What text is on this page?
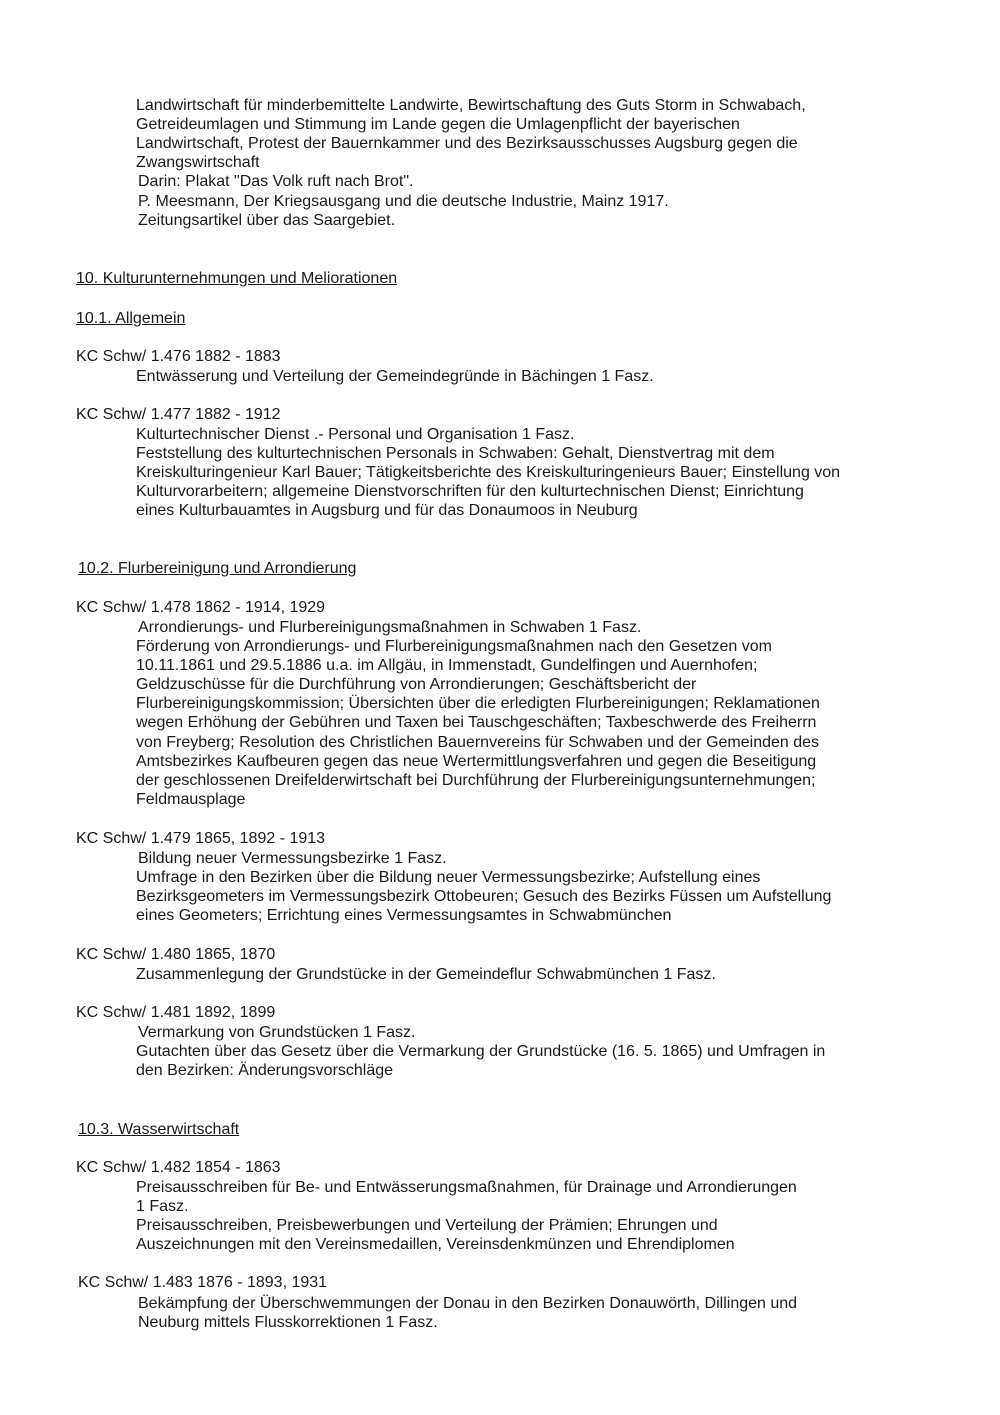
Landwirtschaft für minderbemittelte Landwirte, Bewirtschaftung des Guts Storm in Schwabach,
Getreideumlagen und Stimmung im Lande gegen die Umlagenpflicht der bayerischen
Landwirtschaft, Protest der Bauernkammer und des Bezirksausschusses Augsburg gegen die
Zwangswirtschaft
Darin: Plakat "Das Volk ruft nach Brot".
P. Meesmann, Der Kriegsausgang und die deutsche Industrie, Mainz 1917.
Zeitungsartikel über das Saargebiet.
10. Kulturunternehmungen und Meliorationen
10.1. Allgemein
KC Schw/ 1.476 1882 - 1883
Entwässerung und Verteilung der Gemeindegründe in Bächingen 1 Fasz.
KC Schw/ 1.477 1882 - 1912
Kulturtechnischer Dienst .- Personal und Organisation 1 Fasz.
Feststellung des kulturtechnischen Personals in Schwaben: Gehalt, Dienstvertrag mit dem
Kreiskulturingenieur Karl Bauer; Tätigkeitsberichte des Kreiskulturingenieurs Bauer; Einstellung von
Kulturvorarbeitern; allgemeine Dienstvorschriften für den kulturtechnischen Dienst; Einrichtung
eines Kulturbauamtes in Augsburg und für das Donaumoos in Neuburg
10.2. Flurbereinigung und Arrondierung
KC Schw/ 1.478 1862 - 1914, 1929
Arrondierungs- und Flurbereinigungsmaßnahmen in Schwaben 1 Fasz.
Förderung von Arrondierungs- und Flurbereinigungsmaßnahmen nach den Gesetzen vom
10.11.1861 und 29.5.1886 u.a. im Allgäu, in Immenstadt, Gundelfingen und Auernhofen;
Geldzuschüsse für die Durchführung von Arrondierungen; Geschäftsbericht der
Flurbereinigungskommission; Übersichten über die erledigten Flurbereinigungen; Reklamationen
wegen Erhöhung der Gebühren und Taxen bei Tauschgeschäften; Taxbeschwerde des Freiherrn
von Freyberg; Resolution des Christlichen Bauernvereins für Schwaben und der Gemeinden des
Amtsbezirkes Kaufbeuren gegen das neue Wertermittlungsverfahren und gegen die Beseitigung
der geschlossenen Dreifelderwirtschaft bei Durchführung der Flurbereinigungsunternehmungen;
Feldmausplage
KC Schw/ 1.479 1865, 1892 - 1913
Bildung neuer Vermessungsbezirke 1 Fasz.
Umfrage in den Bezirken über die Bildung neuer Vermessungsbezirke; Aufstellung eines
Bezirksgeometers im Vermessungsbezirk Ottobeuren; Gesuch des Bezirks Füssen um Aufstellung
eines Geometers; Errichtung eines Vermessungsamtes in Schwabmünchen
KC Schw/ 1.480 1865, 1870
Zusammenlegung der Grundstücke in der Gemeindeflur Schwabmünchen 1 Fasz.
KC Schw/ 1.481 1892, 1899
Vermarkung von Grundstücken 1 Fasz.
Gutachten über das Gesetz über die Vermarkung der Grundstücke (16. 5. 1865) und Umfragen in
den Bezirken: Änderungsvorschläge
10.3. Wasserwirtschaft
KC Schw/ 1.482 1854 - 1863
Preisausschreiben für Be- und Entwässerungsmaßnahmen, für Drainage und Arrondierungen
1 Fasz.
Preisausschreiben, Preisbewerbungen und Verteilung der Prämien; Ehrungen und
Auszeichnungen mit den Vereinsmedaillen, Vereinsdenkmünzen und Ehrendiplomen
KC Schw/ 1.483 1876 - 1893, 1931
Bekämpfung der Überschwemmungen der Donau in den Bezirken Donauwörth, Dillingen und
Neuburg mittels Flusskorrektionen 1 Fasz.
